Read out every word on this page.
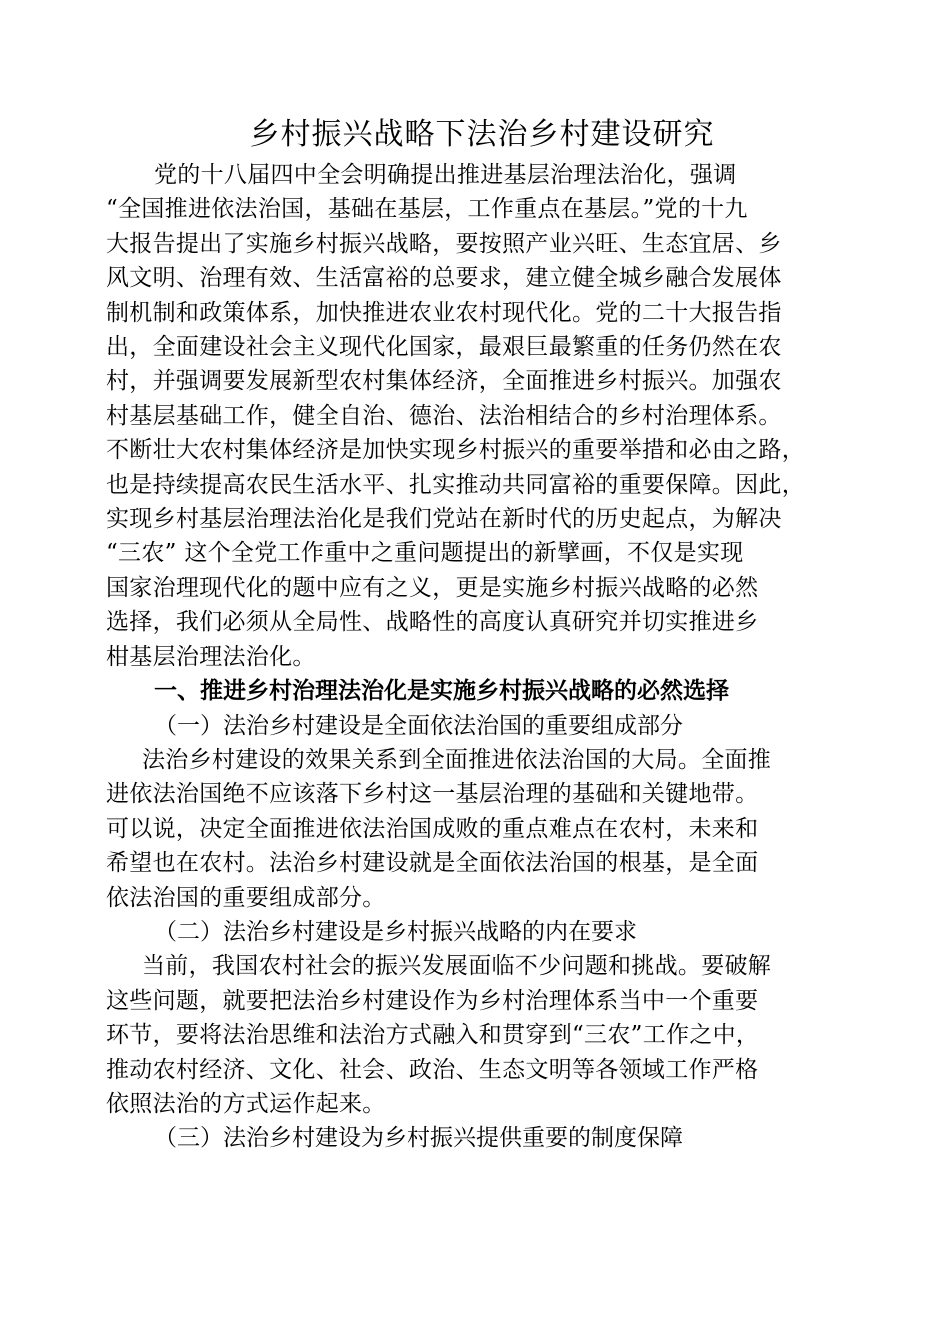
乡村振兴战略下法治乡村建设研究
党的十八届四中全会明确提出推进基层治理法治化，强调
“全国推进依法治国，基础在基层，工作重点在基层。”党的十九
大报告提出了实施乡村振兴战略，要按照产业兴旺、生态宜居、乡
风文明、治理有效、生活富裕的总要求，建立健全城乡融合发展体
制机制和政策体系，加快推进农业农村现代化。党的二十大报告指
出，全面建设社会主义现代化国家，最艰巨最繁重的任务仍然在农
村，并强调要发展新型农村集体经济，全面推进乡村振兴。加强农
村基层基础工作，健全自治、德治、法治相结合的乡村治理体系。
不断壮大农村集体经济是加快实现乡村振兴的重要举措和必由之路，
也是持续提高农民生活水平、扎实推动共同富裕的重要保障。因此，
实现乡村基层治理法治化是我们党站在新时代的历史起点，为解决
“三农” 这个全党工作重中之重问题提出的新擘画，不仅是实现
国家治理现代化的题中应有之义，更是实施乡村振兴战略的必然
选择，我们必须从全局性、战略性的高度认真研究并切实推进乡
柑基层治理法治化。
一、推进乡村治理法治化是实施乡村振兴战略的必然选择
（一）法治乡村建设是全面依法治国的重要组成部分
法治乡村建设的效果关系到全面推进依法治国的大局。全面推
进依法治国绝不应该落下乡村这一基层治理的基础和关键地带。
可以说，决定全面推进依法治国成败的重点难点在农村，未来和
希望也在农村。法治乡村建设就是全面依法治国的根基，是全面
依法治国的重要组成部分。
（二）法治乡村建设是乡村振兴战略的内在要求
当前，我国农村社会的振兴发展面临不少问题和挑战。要破解
这些问题，就要把法治乡村建设作为乡村治理体系当中一个重要
环节，要将法治思维和法治方式融入和贯穿到“三农”工作之中，
推动农村经济、文化、社会、政治、生态文明等各领域工作严格
依照法治的方式运作起来。
（三）法治乡村建设为乡村振兴提供重要的制度保障
